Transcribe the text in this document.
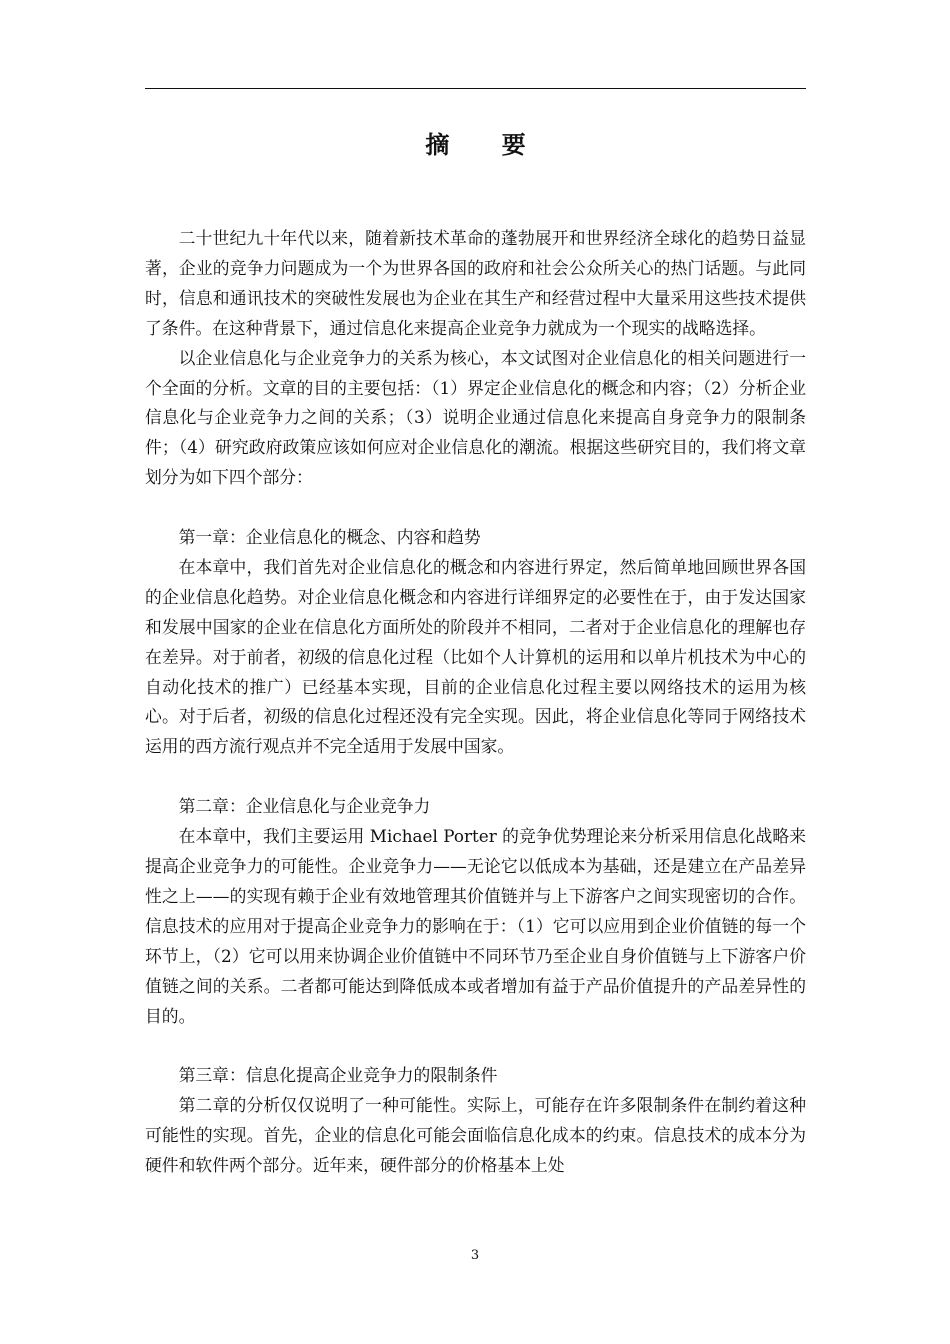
摘 要

二十世纪九十年代以来，随着新技术革命的蓬勃展开和世界经济全球化的趋势日益显著，企业的竞争力问题成为一个为世界各国的政府和社会公众所关心的热门话题。与此同时，信息和通讯技术的突破性发展也为企业在其生产和经营过程中大量采用这些技术提供了条件。在这种背景下，通过信息化来提高企业竞争力就成为一个现实的战略选择。

以企业信息化与企业竞争力的关系为核心，本文试图对企业信息化的相关问题进行一个全面的分析。文章的目的主要包括：（1）界定企业信息化的概念和内容；（2）分析企业信息化与企业竞争力之间的关系；（3）说明企业通过信息化来提高自身竞争力的限制条件；（4）研究政府政策应该如何应对企业信息化的潮流。根据这些研究目的，我们将文章划分为如下四个部分：

第一章：企业信息化的概念、内容和趋势

在本章中，我们首先对企业信息化的概念和内容进行界定，然后简单地回顾世界各国的企业信息化趋势。对企业信息化概念和内容进行详细界定的必要性在于，由于发达国家和发展中国家的企业在信息化方面所处的阶段并不相同，二者对于企业信息化的理解也存在差异。对于前者，初级的信息化过程（比如个人计算机的运用和以单片机技术为中心的自动化技术的推广）已经基本实现，目前的企业信息化过程主要以网络技术的运用为核心。对于后者，初级的信息化过程还没有完全实现。因此，将企业信息化等同于网络技术运用的西方流行观点并不完全适用于发展中国家。

第二章：企业信息化与企业竞争力

在本章中，我们主要运用 Michael Porter 的竞争优势理论来分析采用信息化战略来提高企业竞争力的可能性。企业竞争力——无论它以低成本为基础，还是建立在产品差异性之上——的实现有赖于企业有效地管理其价值链并与上下游客户之间实现密切的合作。信息技术的应用对于提高企业竞争力的影响在于：（1）它可以应用到企业价值链的每一个环节上，（2）它可以用来协调企业价值链中不同环节乃至企业自身价值链与上下游客户价值链之间的关系。二者都可能达到降低成本或者增加有益于产品价值提升的产品差异性的目的。

第三章：信息化提高企业竞争力的限制条件

第二章的分析仅仅说明了一种可能性。实际上，可能存在许多限制条件在制约着这种可能性的实现。首先，企业的信息化可能会面临信息化成本的约束。信息技术的成本分为硬件和软件两个部分。近年来，硬件部分的价格基本上处

3
